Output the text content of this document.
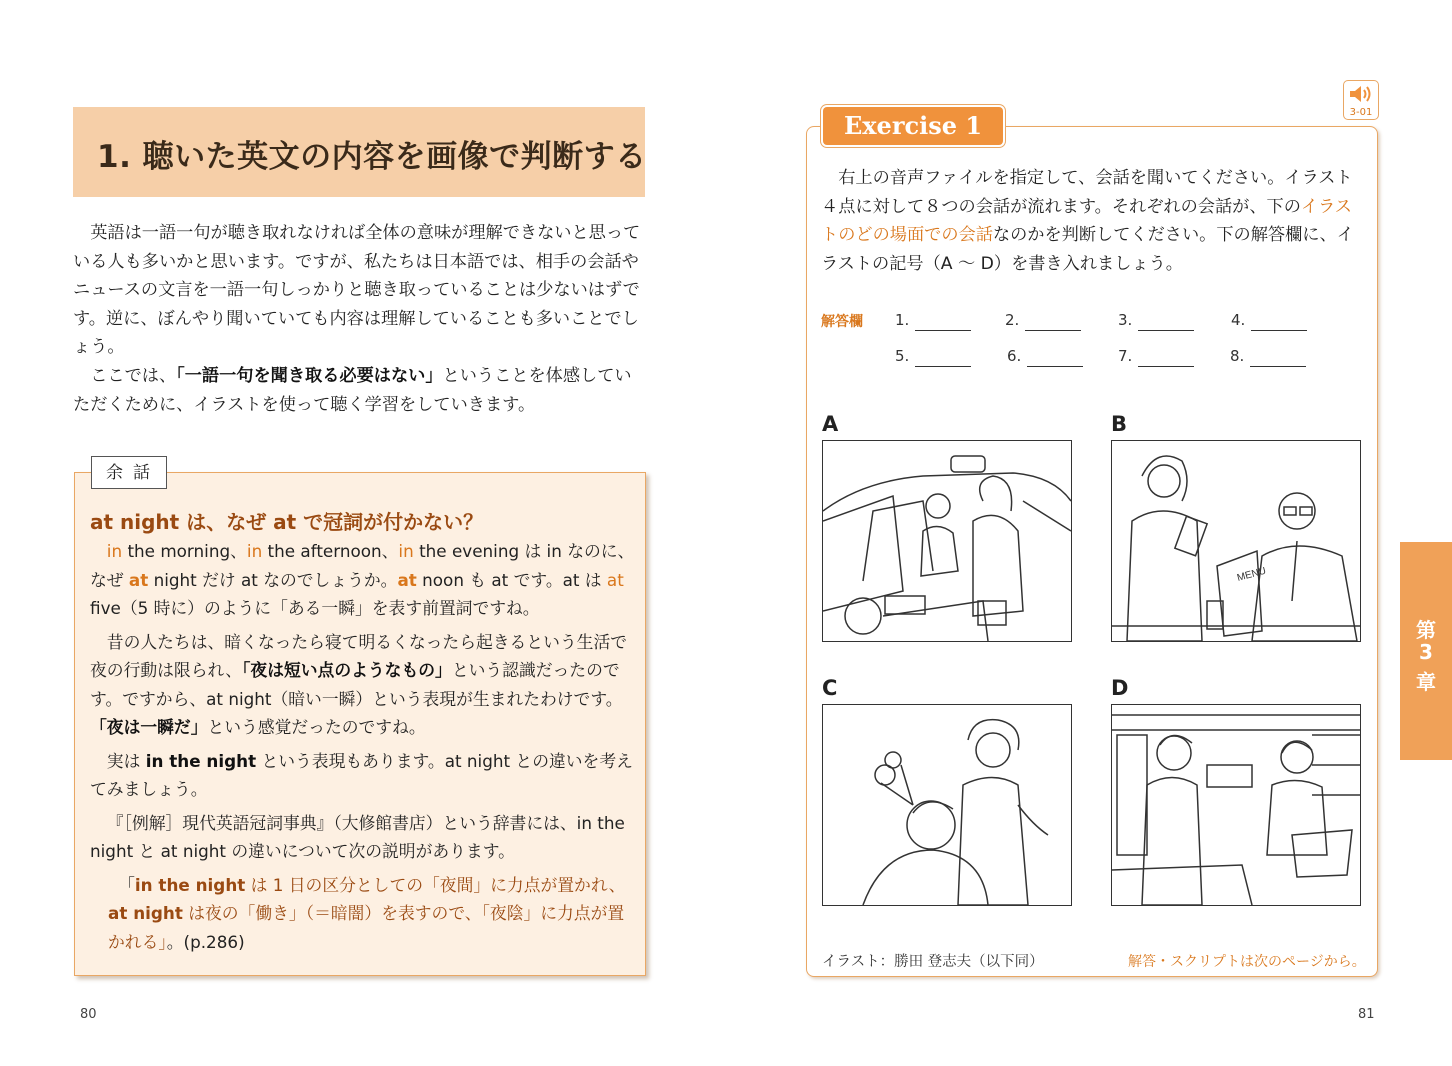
1. 聴いた英文の内容を画像で判断する

英語は一語一句が聴き取れなければ全体の意味が理解できないと思っている人も多いかと思います。ですが、私たちは日本語では、相手の会話やニュースの文言を一語一句しっかりと聴き取っていることは少ないはずです。逆に、ぼんやり聞いていても内容は理解していることも多いことでしょう。

ここでは、「一語一句を聞き取る必要はない」ということを体感していただくために、イラストを使って聴く学習をしていきます。

at night は、なぜ at で冠詞が付かない？

in the morning、in the afternoon、in the evening は in なのに、なぜ at night だけ at なのでしょうか。at noon も at です。at は at five（5 時に）のように「ある一瞬」を表す前置詞ですね。

昔の人たちは、暗くなったら寝て明るくなったら起きるという生活で夜の行動は限られ、「夜は短い点のようなもの」という認識だったのです。ですから、at night（暗い一瞬）という表現が生まれたわけです。「夜は一瞬だ」という感覚だったのですね。

実は in the night という表現もあります。at night との違いを考えてみましょう。

『［例解］現代英語冠詞事典』（大修館書店）という辞書には、in the night と at night の違いについて次の説明があります。

「in the night は 1 日の区分としての「夜間」に力点が置かれ、at night は夜の「働き」（＝暗闇）を表すので、「夜陰」に力点が置かれる」。(p.286)

余話
80
Exercise 1	3-01

右上の音声ファイルを指定して、会話を聞いてください。イラスト４点に対して８つの会話が流れます。それぞれの会話が、下のイラストのどの場面での会話なのかを判断してください。下の解答欄に、イラストの記号（A ～ D）を書き入れましょう。

解答欄 1.	2.	3.	4.
5.	6.	7.	8.
A	B
MENU
C	D
イラスト：勝田 登志夫（以下同）	解答・スクリプトは次のページから。
81
第
3
章
